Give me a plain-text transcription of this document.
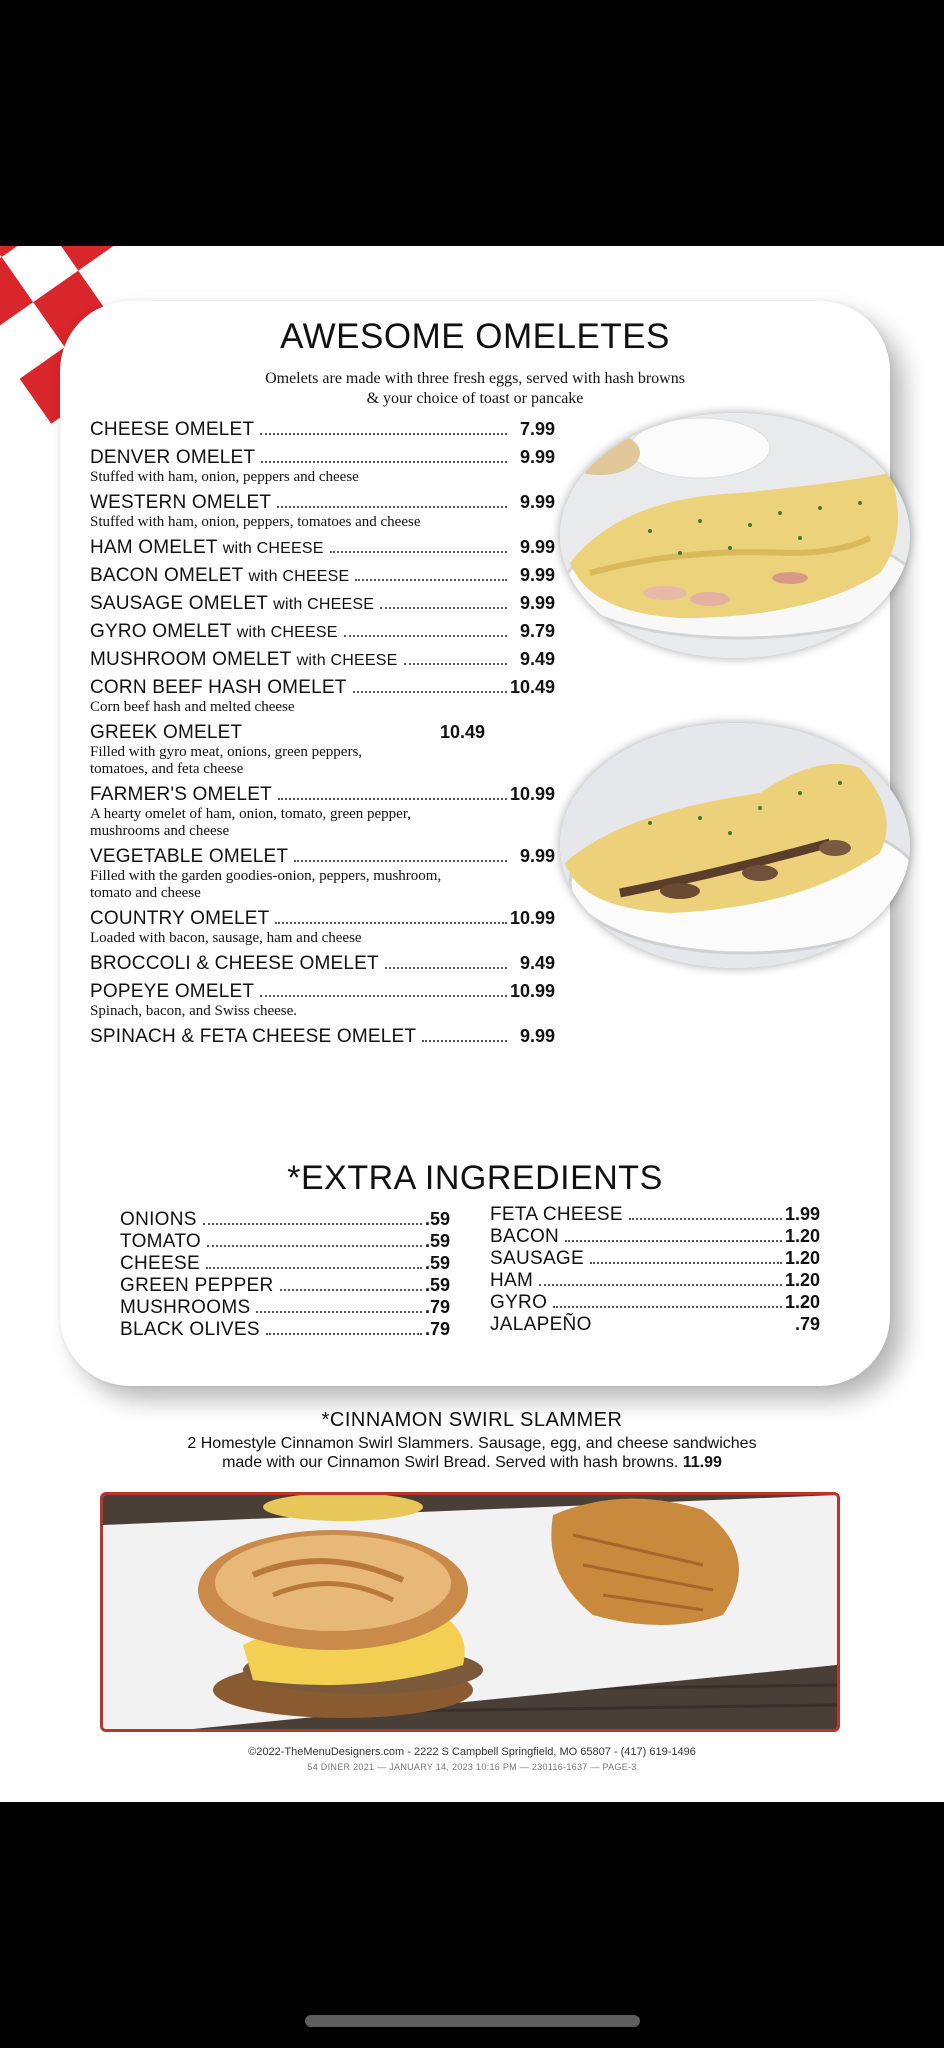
AWESOME OMELETES
Omelets are made with three fresh eggs, served with hash browns
& your choice of toast or pancake
CHEESE OMELET	7.99
DENVER OMELET	9.99
Stuffed with ham, onion, peppers and cheese
WESTERN OMELET	9.99
Stuffed with ham, onion, peppers, tomatoes and cheese
HAM OMELET with CHEESE	9.99
BACON OMELET with CHEESE	9.99
SAUSAGE OMELET with CHEESE	9.99
GYRO OMELET with CHEESE	9.79
MUSHROOM OMELET with CHEESE	9.49
CORN BEEF HASH OMELET	10.49
Corn beef hash and melted cheese
GREEK OMELET	10.49
Filled with gyro meat, onions, green peppers,
tomatoes, and feta cheese
FARMER'S OMELET	10.99
A hearty omelet of ham, onion, tomato, green pepper,
mushrooms and cheese
VEGETABLE OMELET	9.99
Filled with the garden goodies-onion, peppers, mushroom,
tomato and cheese
COUNTRY OMELET	10.99
Loaded with bacon, sausage, ham and cheese
BROCCOLI & CHEESE OMELET	9.49
POPEYE OMELET	10.99
Spinach, bacon, and Swiss cheese.
SPINACH & FETA CHEESE OMELET	9.99
*EXTRA INGREDIENTS
ONIONS	.59
TOMATO	.59
CHEESE	.59
GREEN PEPPER	.59
MUSHROOMS	.79
BLACK OLIVES	.79
FETA CHEESE	1.99
BACON	1.20
SAUSAGE	1.20
HAM	1.20
GYRO	1.20
JALAPEÑO	.79
*CINNAMON SWIRL SLAMMER
2 Homestyle Cinnamon Swirl Slammers. Sausage, egg, and cheese sandwiches
made with our Cinnamon Swirl Bread. Served with hash browns. 11.99
©2022-TheMenuDesigners.com - 2222 S Campbell Springfield, MO 65807 - (417) 619-1496
54 DINER 2021 — JANUARY 14, 2023 10:16 PM — 230116-1637 — PAGE-3
